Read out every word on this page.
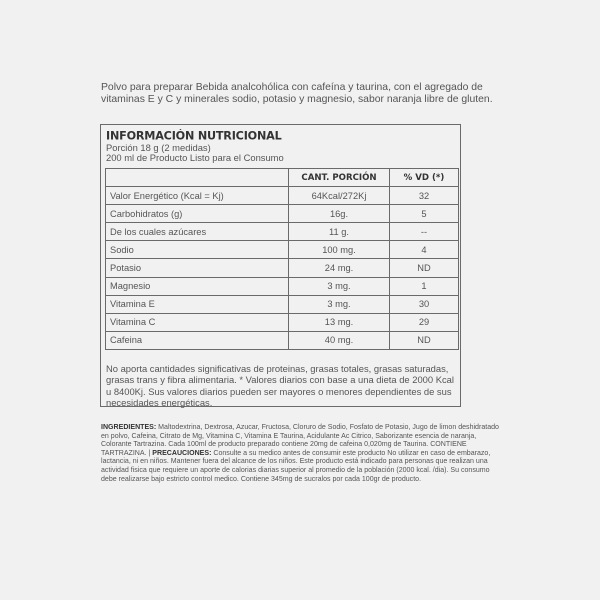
Polvo para preparar Bebida analcohólica con cafeína y taurina, con el agregado de vitaminas E y C y minerales sodio, potasio y magnesio, sabor naranja libre de gluten.
INFORMACIÓN NUTRICIONAL
Porción 18 g (2 medidas)
200 ml de Producto Listo para el Consumo
	CANT. PORCIÓN	% VD (*)
Valor Energético (Kcal = Kj)	64Kcal/272Kj	32
Carbohidratos (g)	16g.	5
De los cuales azúcares	11 g.	--
Sodio	100 mg.	4
Potasio	24 mg.	ND
Magnesio	3 mg.	1
Vitamina E	3 mg.	30
Vitamina C	13 mg.	29
Cafeina	40 mg.	ND
No aporta cantidades significativas de proteinas, grasas totales, grasas saturadas, grasas trans y fibra alimentaria. * Valores diarios con base a una dieta de 2000 Kcal u 8400Kj. Sus valores diarios pueden ser mayores o menores dependientes de sus necesidades energéticas.
INGREDIENTES: Maltodextrina, Dextrosa, Azucar, Fructosa, Cloruro de Sodio, Fosfato de Potasio, Jugo de limon deshidratado en polvo, Cafeina, Citrato de Mg, Vitamina C, Vitamina E Taurina, Acidulante Ac Citrico, Saborizante esencia de naranja, Colorante Tartrazina. Cada 100ml de producto preparado contiene 20mg de cafeina 0,020mg de Taurina. CONTIENE TARTRAZINA. | PRECAUCIONES: Consulte a su medico antes de consumir este producto No utilizar en caso de embarazo, lactancia, ni en niños. Mantener fuera del alcance de los niños. Este producto está indicado para personas que realizan una actividad fisica que requiere un aporte de calorias diarias superior al promedio de la población (2000 kcal. /dia). Su consumo debe realizarse bajo estricto control medico. Contiene 345mg de sucralos por cada 100gr de producto.
